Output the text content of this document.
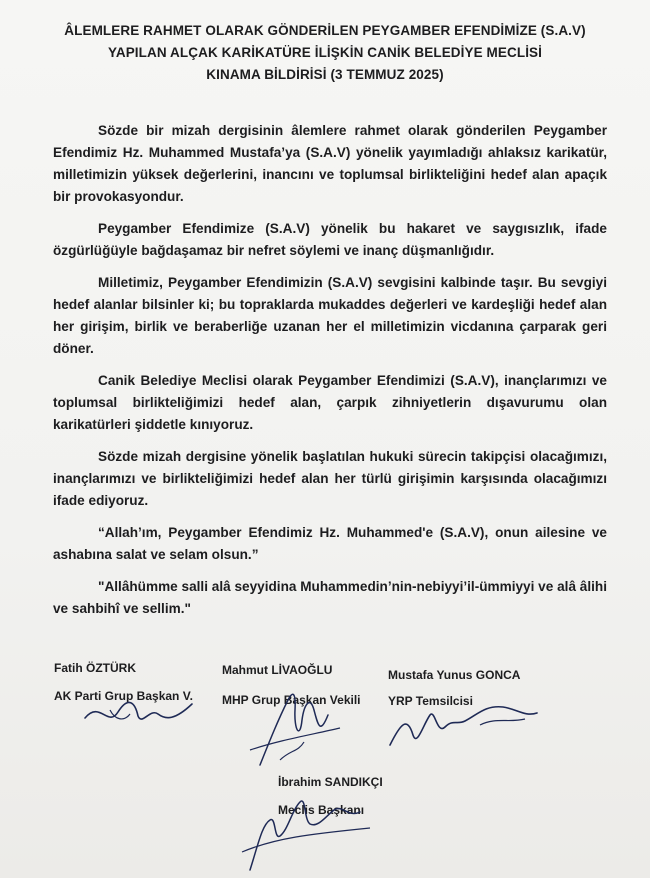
ÂLEMLERE RAHMET OLARAK GÖNDERİLEN PEYGAMBER EFENDİMİZE (S.A.V)
YAPILAN ALÇAK KARİKATÜRE İLİŞKİN CANİK BELEDİYE MECLİSİ
KINAMA BİLDİRİSİ (3 TEMMUZ 2025)

Sözde bir mizah dergisinin âlemlere rahmet olarak gönderilen Peygamber Efendimiz Hz. Muhammed Mustafa’ya (S.A.V) yönelik yayımladığı ahlaksız karikatür, milletimizin yüksek değerlerini, inancını ve toplumsal birlikteliğini hedef alan apaçık bir provokasyondur.

Peygamber Efendimize (S.A.V) yönelik bu hakaret ve saygısızlık, ifade özgürlüğüyle bağdaşamaz bir nefret söylemi ve inanç düşmanlığıdır.

Milletimiz, Peygamber Efendimizin (S.A.V) sevgisini kalbinde taşır. Bu sevgiyi hedef alanlar bilsinler ki; bu topraklarda mukaddes değerleri ve kardeşliği hedef alan her girişim, birlik ve beraberliğe uzanan her el milletimizin vicdanına çarparak geri döner.

Canik Belediye Meclisi olarak Peygamber Efendimizi (S.A.V), inançlarımızı ve toplumsal birlikteliğimizi hedef alan, çarpık zihniyetlerin dışavurumu olan karikatürleri şiddetle kınıyoruz.

Sözde mizah dergisine yönelik başlatılan hukuki sürecin takipçisi olacağımızı, inançlarımızı ve birlikteliğimizi hedef alan her türlü girişimin karşısında olacağımızı ifade ediyoruz.

“Allah’ım, Peygamber Efendimiz Hz. Muhammed'e (S.A.V), onun ailesine ve ashabına salat ve selam olsun.”

"Allâhümme salli alâ seyyidina Muhammedin’nin-nebiyyi’il-ümmiyyi ve alâ âlihi ve sahbihî ve sellim."

Fatih ÖZTÜRK
AK Parti Grup Başkan V.
Mahmut LİVAOĞLU
MHP Grup Başkan Vekili
Mustafa Yunus GONCA
YRP Temsilcisi
İbrahim SANDIKÇI
Meclis Başkanı
